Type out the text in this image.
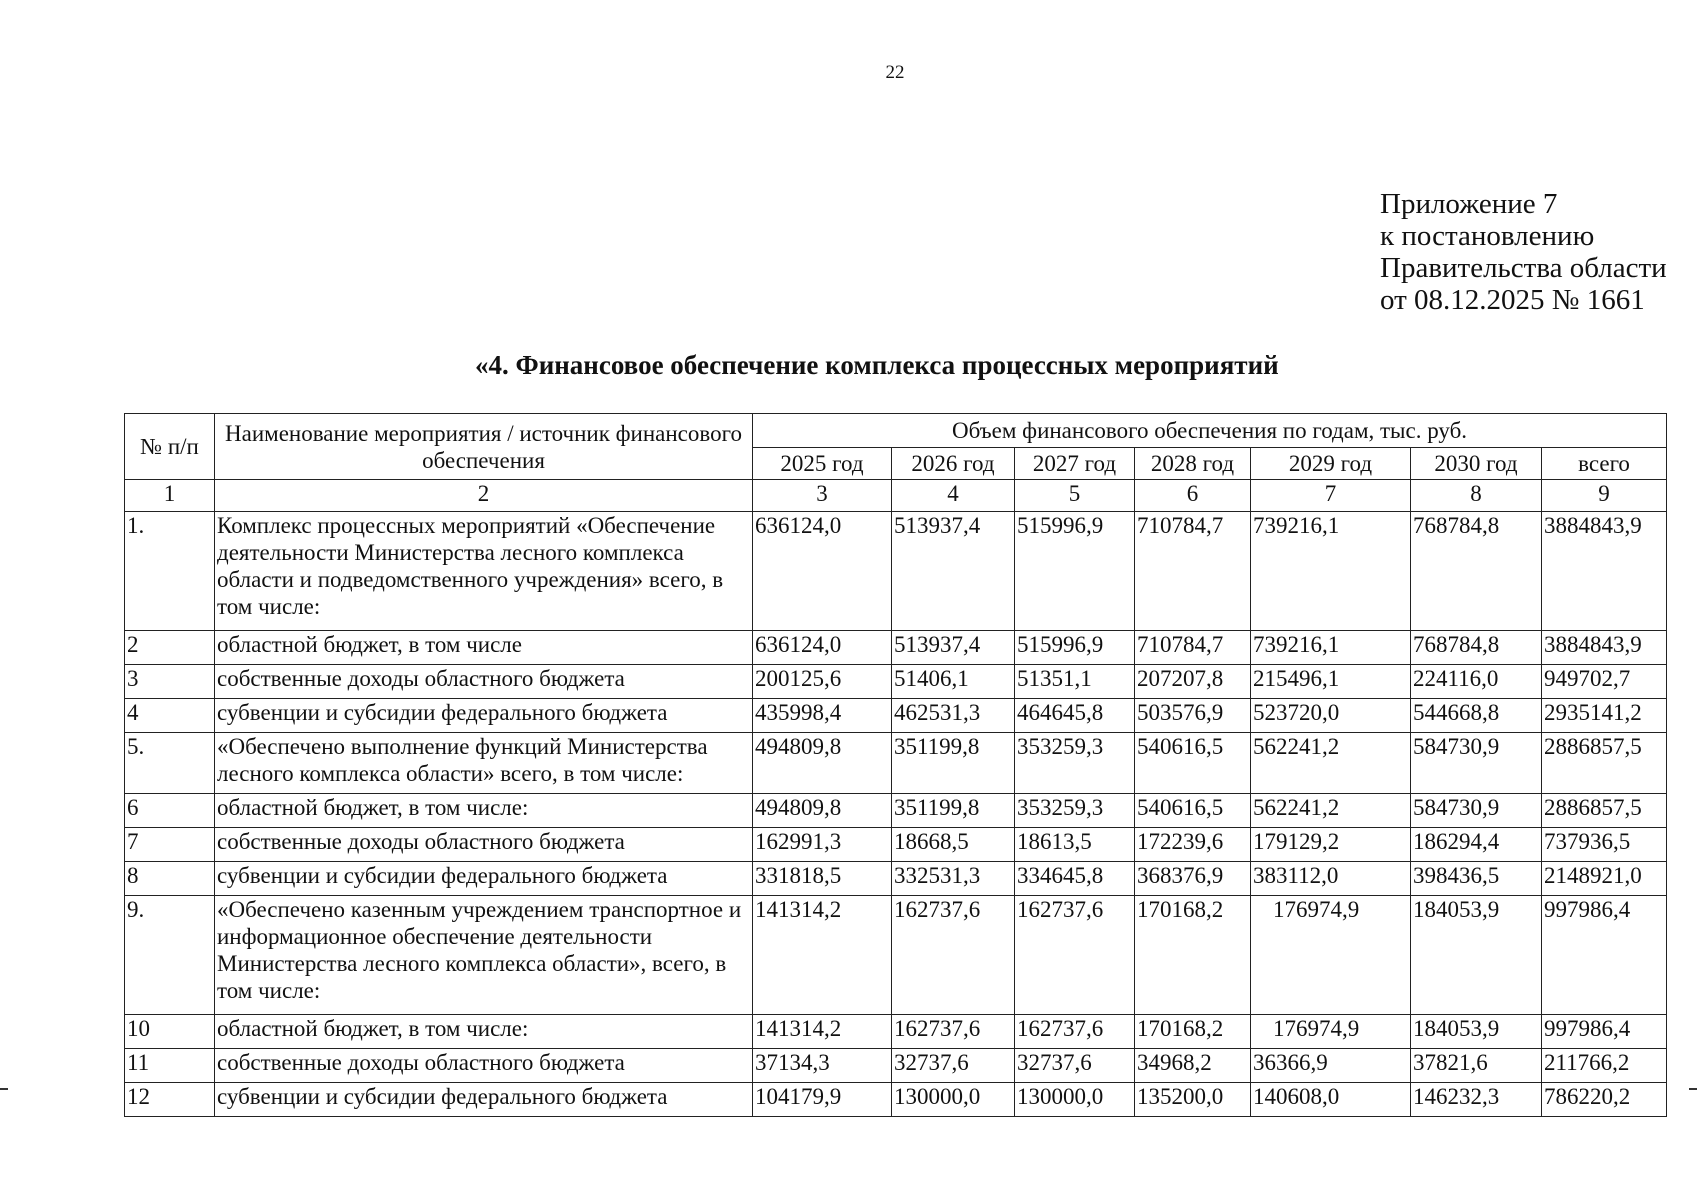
22
Приложение 7
к постановлению
Правительства области
от 08.12.2025 № 1661
«4. Финансовое обеспечение комплекса процессных мероприятий
№ п/п	Наименование мероприятия / источник финансового обеспечения	Объем финансового обеспечения по годам, тыс. руб.						
		2025 год	2026 год	2027 год	2028 год	2029 год	2030 год	всего
1	2	3	4	5	6	7	8	9
1.	Комплекс процессных мероприятий «Обеспечение деятельности Министерства лесного комплекса области и подведомственного учреждения» всего, в том числе:	636124,0	513937,4	515996,9	710784,7	739216,1	768784,8	3884843,9
2	областной бюджет, в том числе	636124,0	513937,4	515996,9	710784,7	739216,1	768784,8	3884843,9
3	собственные доходы областного бюджета	200125,6	51406,1	51351,1	207207,8	215496,1	224116,0	949702,7
4	субвенции и субсидии федерального бюджета	435998,4	462531,3	464645,8	503576,9	523720,0	544668,8	2935141,2
5.	«Обеспечено выполнение функций Министерства лесного комплекса области» всего, в том числе:	494809,8	351199,8	353259,3	540616,5	562241,2	584730,9	2886857,5
6	областной бюджет, в том числе:	494809,8	351199,8	353259,3	540616,5	562241,2	584730,9	2886857,5
7	собственные доходы областного бюджета	162991,3	18668,5	18613,5	172239,6	179129,2	186294,4	737936,5
8	субвенции и субсидии федерального бюджета	331818,5	332531,3	334645,8	368376,9	383112,0	398436,5	2148921,0
9.	«Обеспечено казенным учреждением транспортное и информационное обеспечение деятельности Министерства лесного комплекса области», всего, в том числе:	141314,2	162737,6	162737,6	170168,2	176974,9	184053,9	997986,4
10	областной бюджет, в том числе:	141314,2	162737,6	162737,6	170168,2	176974,9	184053,9	997986,4
11	собственные доходы областного бюджета	37134,3	32737,6	32737,6	34968,2	36366,9	37821,6	211766,2
12	субвенции и субсидии федерального бюджета	104179,9	130000,0	130000,0	135200,0	140608,0	146232,3	786220,2
